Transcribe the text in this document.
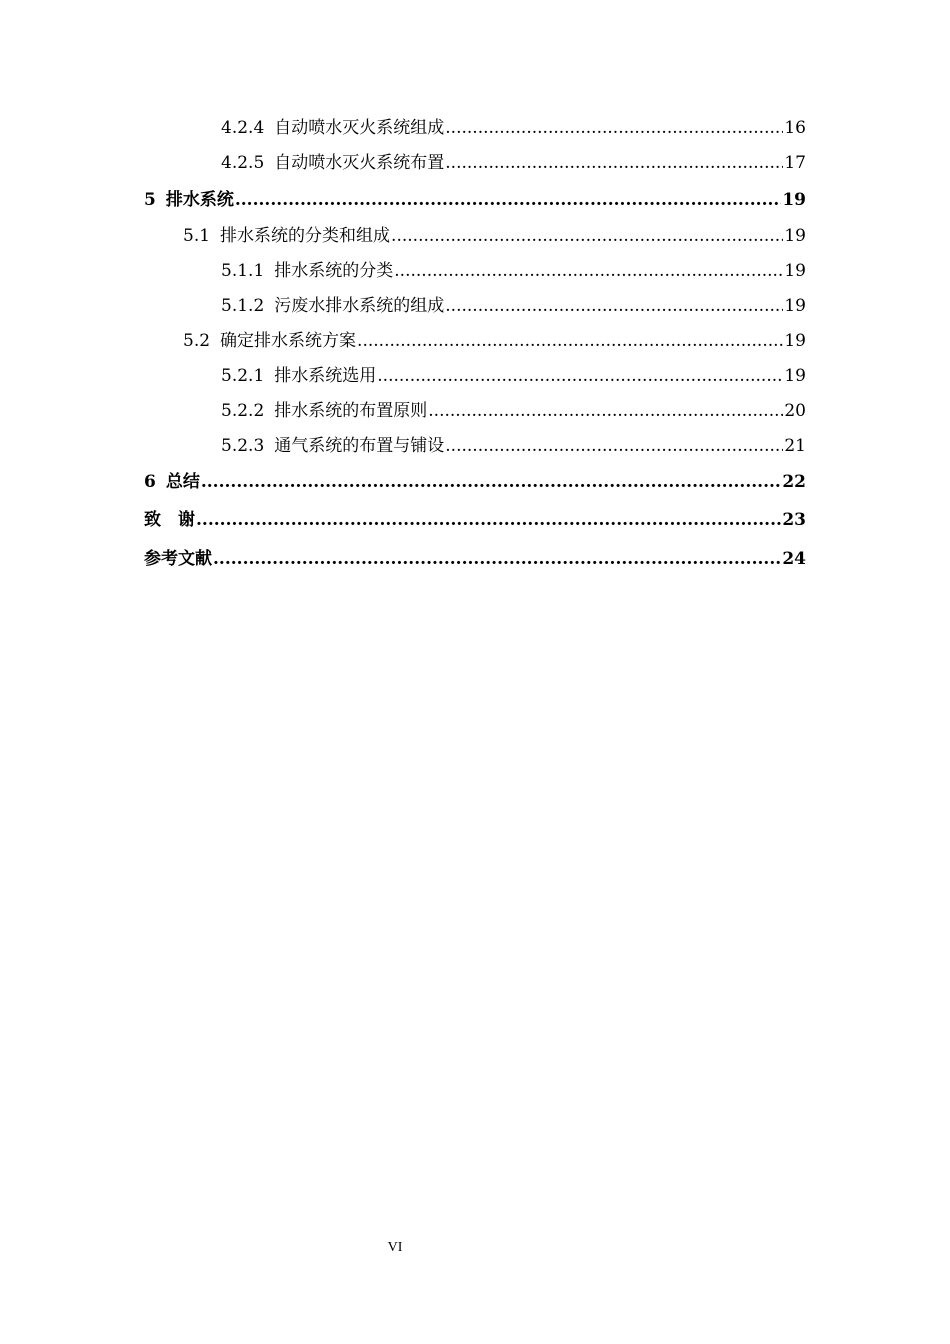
4.2.4 自动喷水灭火系统组成 .....	16
4.2.5 自动喷水灭火系统布置 .....	17
5 排水系统 .....	19
5.1 排水系统的分类和组成 .....	19
5.1.1 排水系统的分类 .....	19
5.1.2 污废水排水系统的组成 .....	19
5.2 确定排水系统方案 .....	19
5.2.1 排水系统选用 .....	19
5.2.2 排水系统的布置原则 .....	20
5.2.3 通气系统的布置与铺设 .....	21
6 总结 .....	22
致　谢 .....	23
参考文献 .....	24
VI
